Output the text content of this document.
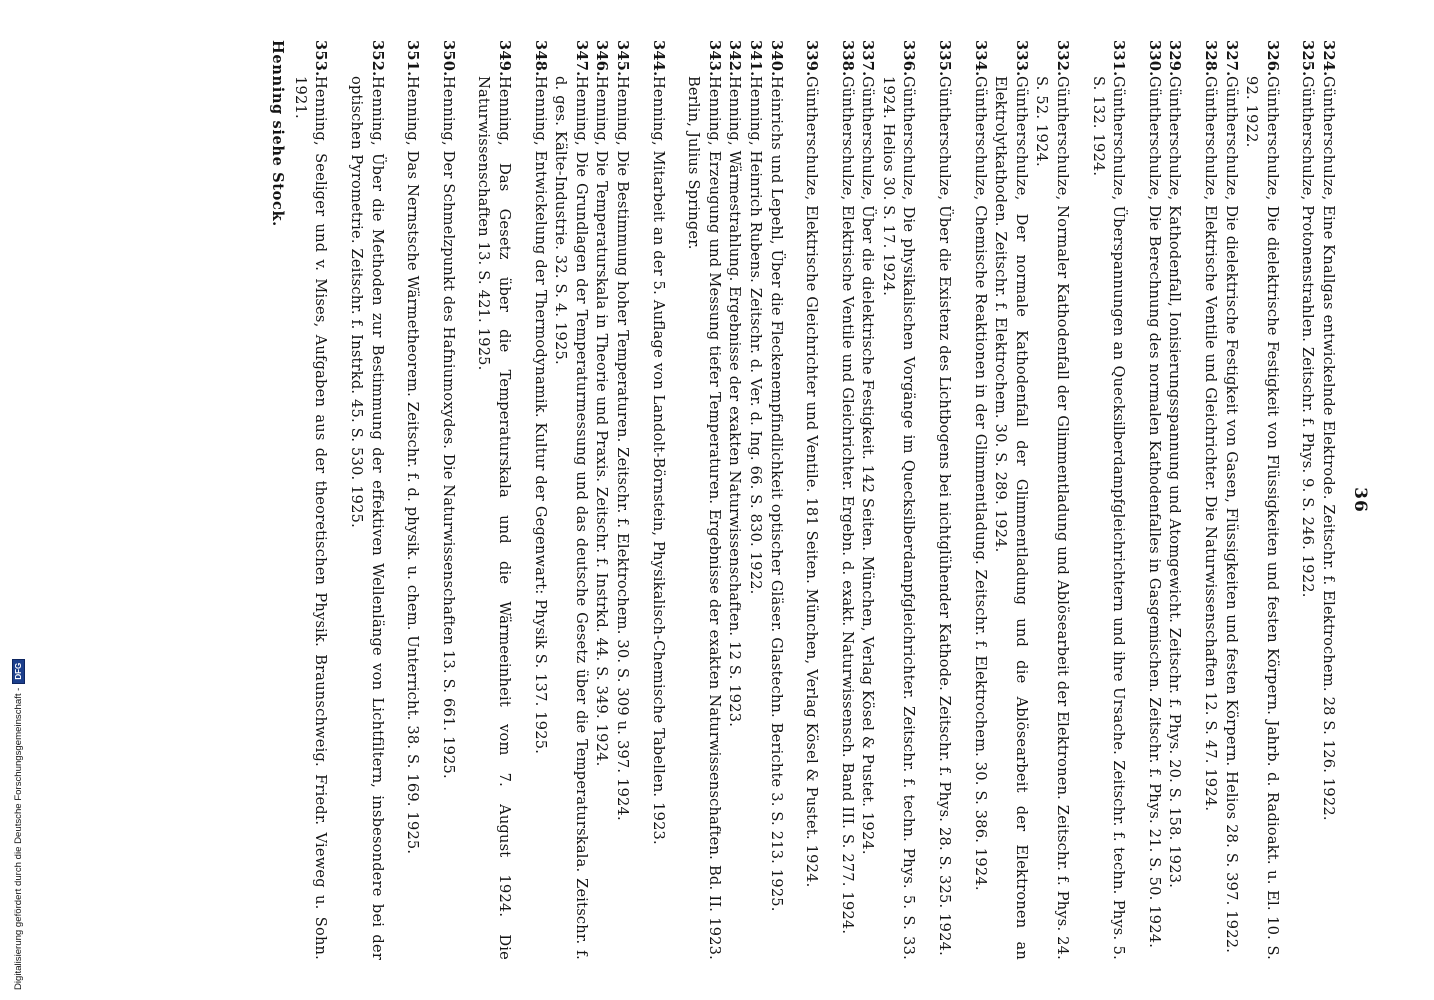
36
324.
Güntherschulze, Eine Knallgas entwickelnde Elektrode. Zeitschr. f. Elektrochem. 28 S. 126. 1922.
325.
Güntherschulze, Protonenstrahlen. Zeitschr. f. Phys. 9. S. 246. 1922.
326.
Güntherschulze, Die dielektrische Festigkeit von Flüssigkeiten und festen Körpern. Jahrb. d. Radioakt. u. El. 10. S. 92. 1922.
327.
Güntherschulze, Die dielektrische Festigkeit von Gasen, Flüssigkeiten und festen Körpern. Helios 28. S. 397. 1922.
328.
Güntherschulze, Elektrische Ventile und Gleichrichter. Die Naturwissenschaften 12. S. 47. 1924.
329.
Güntherschulze, Kathodenfall, Ionisierungsspannung und Atomgewicht. Zeitschr. f. Phys. 20. S. 158. 1923.
330.
Güntherschulze, Die Berechnung des normalen Kathodenfalles in Gasgemischen. Zeitschr. f. Phys. 21. S. 50. 1924.
331.
Güntherschulze, Überspannungen an Quecksilberdampfgleichrichtern und ihre Ursache. Zeitschr. f. techn. Phys. 5. S. 132. 1924.
332.
Güntherschulze, Normaler Kathodenfall der Glimmentladung und Ablösearbeit der Elektronen. Zeitschr. f. Phys. 24. S. 52. 1924.
333.
Güntherschulze, Der normale Kathodenfall der Glimmentladung und die Ablösearbeit der Elektronen an Elektrolytkathoden. Zeitschr. f. Elektrochem. 30. S. 289. 1924.
334.
Güntherschulze, Chemische Reaktionen in der Glimmentladung. Zeitschr. f. Elektrochem. 30. S. 386. 1924.
335.
Güntherschulze, Über die Existenz des Lichtbogens bei nichtglühender Kathode. Zeitschr. f. Phys. 28. S. 325. 1924.
336.
Güntherschulze, Die physikalischen Vorgänge im Quecksilberdampfgleichrichter. Zeitschr. f. techn. Phys. 5. S. 33. 1924. Helios 30. S. 17. 1924.
337.
Güntherschulze, Über die dielektrische Festigkeit. 142 Seiten. München, Verlag Kösel & Pustet. 1924.
338.
Güntherschulze, Elektrische Ventile und Gleichrichter. Ergebn. d. exakt. Naturwissensch. Band III. S. 277. 1924.
339.
Güntherschulze, Elektrische Gleichrichter und Ventile. 181 Seiten. München, Verlag Kösel & Pustet. 1924.
340.
Heinrichs und Lepehl, Über die Fleckenempfindlichkeit optischer Gläser. Glastechn. Berichte 3. S. 213. 1925.
341.
Henning, Heinrich Rubens. Zeitschr. d. Ver. d. Ing. 66. S. 830. 1922.
342.
Henning, Wärmestrahlung. Ergebnisse der exakten Naturwissenschaften. 12 S. 1923.
343.
Henning, Erzeugung und Messung tiefer Temperaturen. Ergebnisse der exakten Naturwissenschaften. Bd. II. 1923. Berlin, Julius Springer.
344.
Henning, Mitarbeit an der 5. Auflage von Landolt-Börnstein, Physikalisch-Chemische Tabellen. 1923.
345.
Henning, Die Bestimmung hoher Temperaturen. Zeitschr. f. Elektrochem. 30. S. 309 u. 397. 1924.
346.
Henning, Die Temperaturskala in Theorie und Praxis. Zeitschr. f. Instrkd. 44. S. 349. 1924.
347.
Henning, Die Grundlagen der Temperaturmessung und das deutsche Gesetz über die Temperaturskala. Zeitschr. f. d. ges. Kälte-Industrie. 32. S. 4. 1925.
348.
Henning, Entwickelung der Thermodynamik. Kultur der Gegenwart: Physik S. 137. 1925.
349.
Henning, Das Gesetz über die Temperaturskala und die Wärmeeinheit vom 7. August 1924. Die Naturwissenschaften 13. S. 421. 1925.
350.
Henning, Der Schmelzpunkt des Hafniumoxydes. Die Naturwissenschaften 13. S. 661. 1925.
351.
Henning, Das Nernstsche Wärmetheorem. Zeitschr. f. d. physik. u. chem. Unterricht. 38. S. 169. 1925.
352.
Henning, Über die Methoden zur Bestimmung der effektiven Wellenlänge von Lichtfiltern, insbesondere bei der optischen Pyrometrie. Zeitschr. f. Instrkd. 45. S. 530. 1925.
353.
Henning, Seeliger und v. Mises, Aufgaben aus der theoretischen Physik. Braunschweig. Friedr. Vieweg u. Sohn. 1921.
Henning siehe Stock.
Digitalisierung gefördert durch die Deutsche Forschungsgemeinschaft -
DFG
